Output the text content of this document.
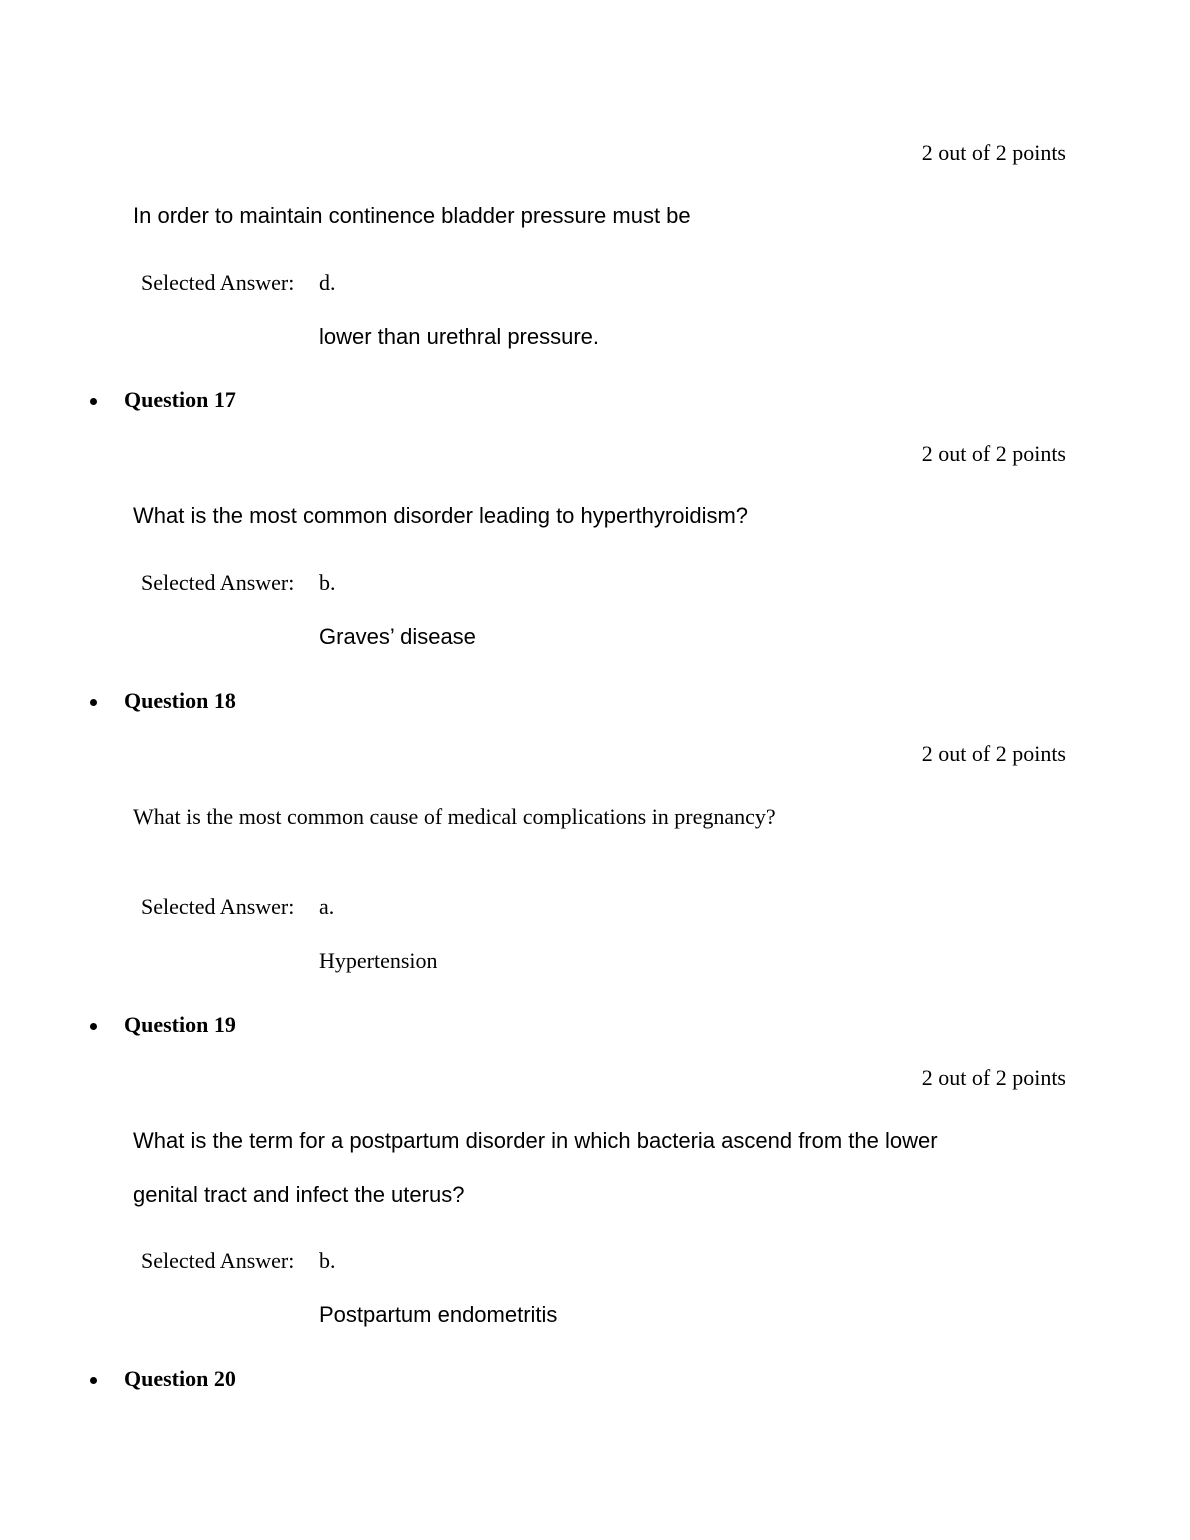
2 out of 2 points
In order to maintain continence bladder pressure must be
Selected Answer: d.
lower than urethral pressure.
Question 17
2 out of 2 points
What is the most common disorder leading to hyperthyroidism?
Selected Answer: b.
Graves’ disease
Question 18
2 out of 2 points
What is the most common cause of medical complications in pregnancy?
Selected Answer: a.
Hypertension
Question 19
2 out of 2 points
What is the term for a postpartum disorder in which bacteria ascend from the lower
genital tract and infect the uterus?
Selected Answer: b.
Postpartum endometritis
Question 20
